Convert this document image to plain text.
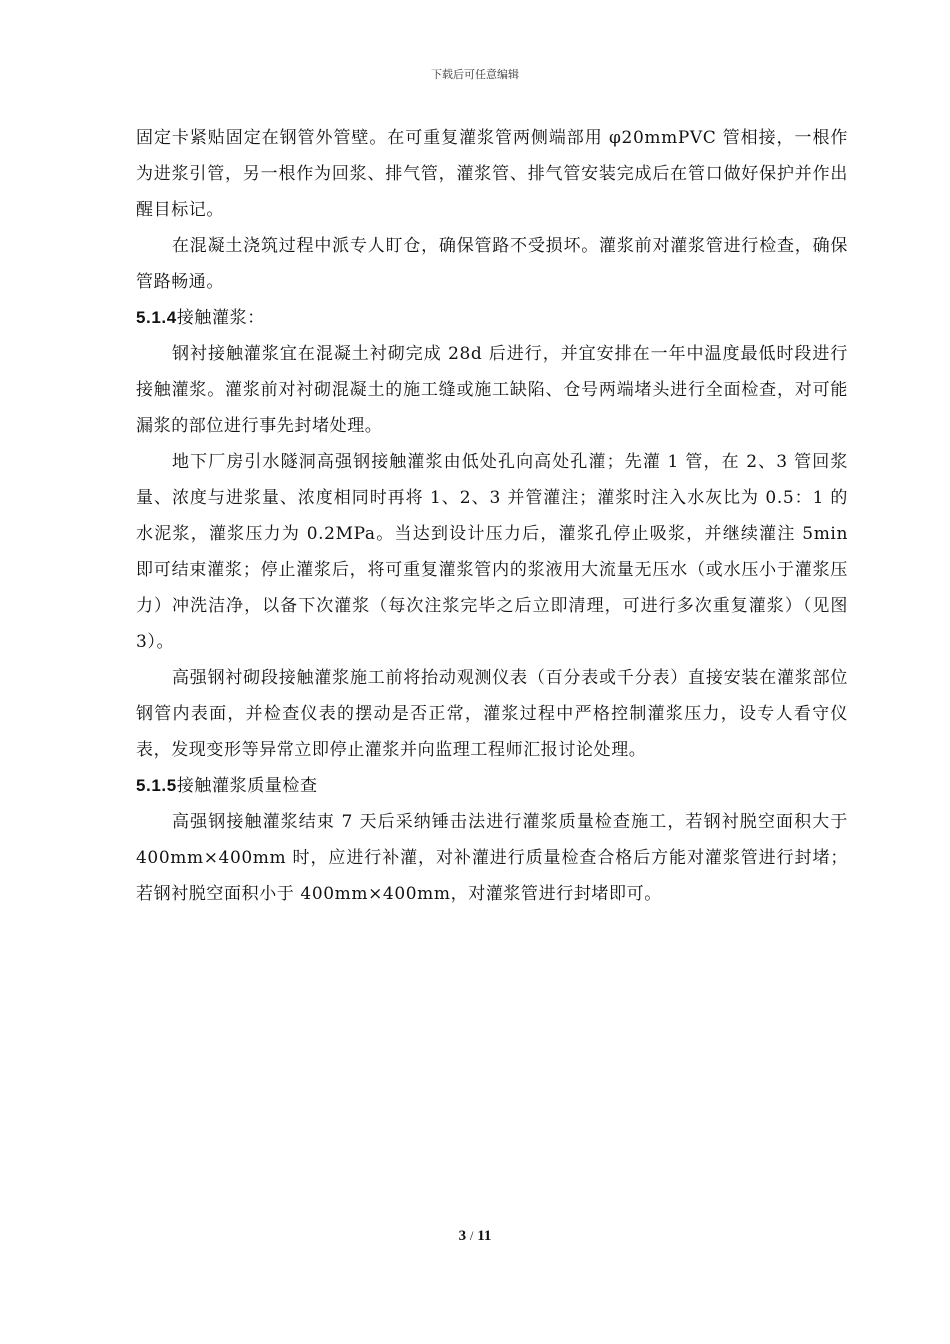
下载后可任意编辑

固定卡紧贴固定在钢管外管壁。在可重复灌浆管两侧端部用 φ20mmPVC 管相接，一根作为进浆引管，另一根作为回浆、排气管，灌浆管、排气管安装完成后在管口做好保护并作出醒目标记。

在混凝土浇筑过程中派专人盯仓，确保管路不受损坏。灌浆前对灌浆管进行检查，确保管路畅通。

5.1.4接触灌浆：

钢衬接触灌浆宜在混凝土衬砌完成 28d 后进行，并宜安排在一年中温度最低时段进行接触灌浆。灌浆前对衬砌混凝土的施工缝或施工缺陷、仓号两端堵头进行全面检查，对可能漏浆的部位进行事先封堵处理。

地下厂房引水隧洞高强钢接触灌浆由低处孔向高处孔灌；先灌 1 管，在 2、3 管回浆量、浓度与进浆量、浓度相同时再将 1、2、3 并管灌注；灌浆时注入水灰比为 0.5：1 的水泥浆，灌浆压力为 0.2MPa。当达到设计压力后，灌浆孔停止吸浆，并继续灌注 5min 即可结束灌浆；停止灌浆后，将可重复灌浆管内的浆液用大流量无压水（或水压小于灌浆压力）冲洗洁净，以备下次灌浆（每次注浆完毕之后立即清理，可进行多次重复灌浆）（见图 3）。

高强钢衬砌段接触灌浆施工前将抬动观测仪表（百分表或千分表）直接安装在灌浆部位钢管内表面，并检查仪表的摆动是否正常，灌浆过程中严格控制灌浆压力，设专人看守仪表，发现变形等异常立即停止灌浆并向监理工程师汇报讨论处理。

5.1.5接触灌浆质量检查

高强钢接触灌浆结束 7 天后采纳锤击法进行灌浆质量检查施工，若钢衬脱空面积大于 400mm×400mm 时，应进行补灌，对补灌进行质量检查合格后方能对灌浆管进行封堵；若钢衬脱空面积小于 400mm×400mm，对灌浆管进行封堵即可。

3 / 11
